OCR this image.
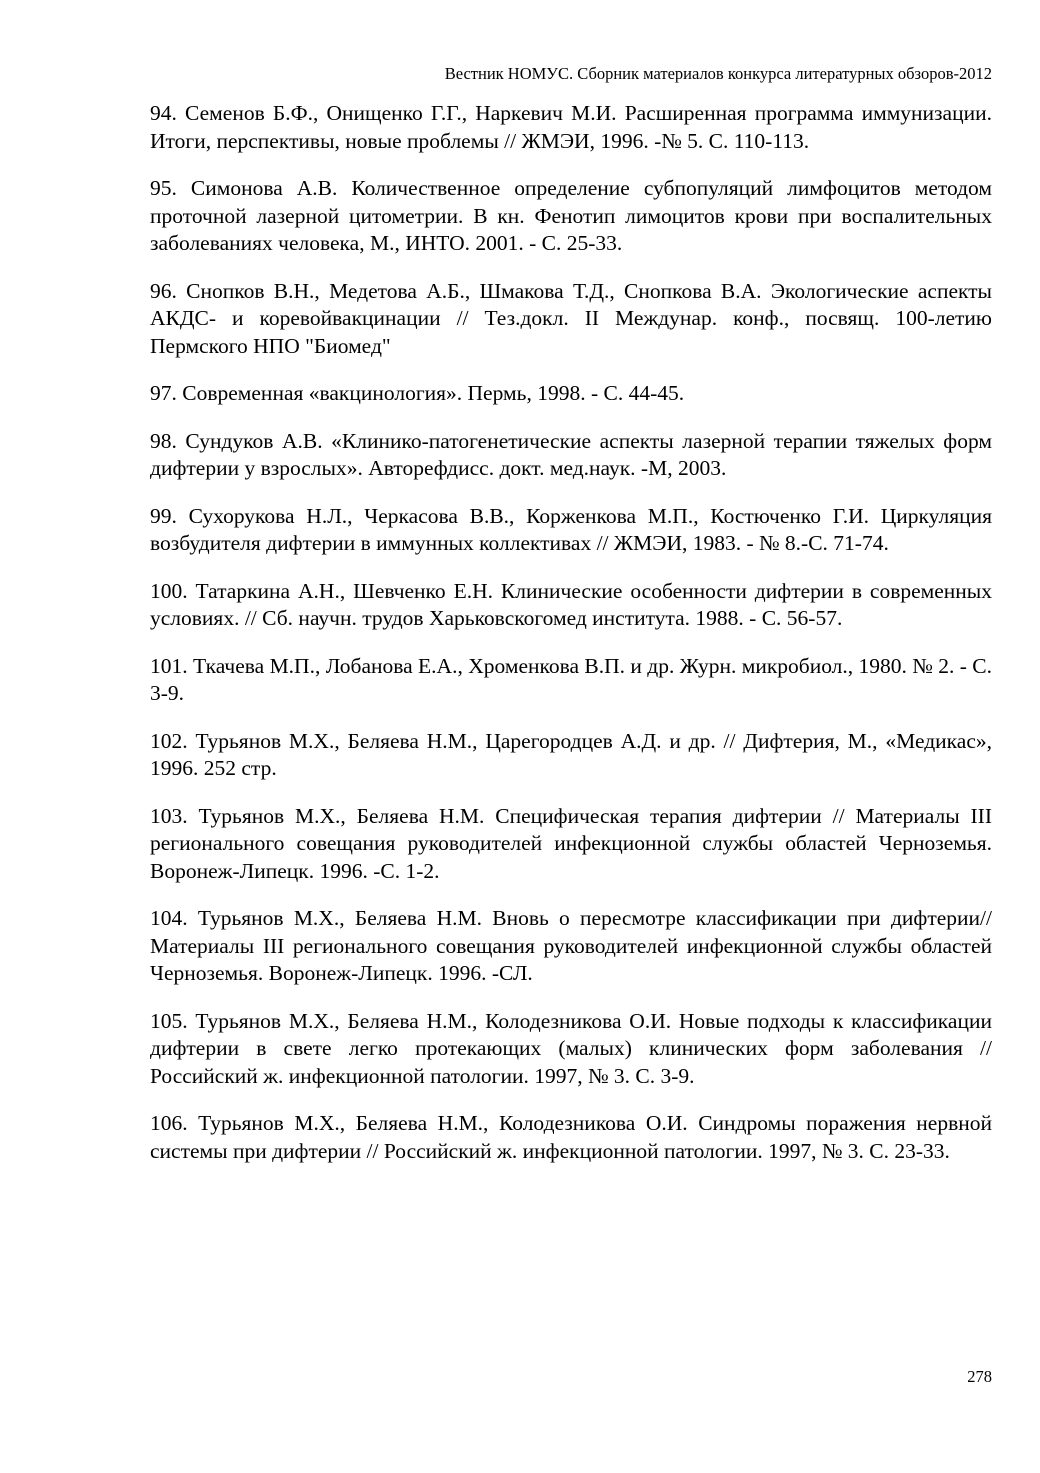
Вестник НОМУС. Сборник материалов конкурса литературных обзоров-2012
94. Семенов Б.Ф., Онищенко Г.Г., Наркевич М.И. Расширенная программа иммунизации. Итоги, перспективы, новые проблемы // ЖМЭИ, 1996. -№ 5. С. 110-113.
95. Симонова А.В. Количественное определение субпопуляций лимфоцитов методом проточной лазерной цитометрии. В кн. Фенотип лимоцитов крови при воспалительных заболеваниях человека, М., ИНТО. 2001. - С. 25-33.
96. Снопков В.Н., Медетова А.Б., Шмакова Т.Д., Снопкова В.А. Экологические аспекты АКДС- и коревойвакцинации // Тез.докл. II Междунар. конф., посвящ. 100-летию Пермского НПО "Биомед"
97. Современная «вакцинология». Пермь, 1998. - С. 44-45.
98. Сундуков А.В. «Клинико-патогенетические аспекты лазерной терапии тяжелых форм дифтерии у взрослых». Авторефдисс. докт. мед.наук. -М, 2003.
99. Сухорукова Н.Л., Черкасова В.В., Корженкова М.П., Костюченко Г.И. Циркуляция возбудителя дифтерии в иммунных коллективах // ЖМЭИ, 1983. - № 8.-С. 71-74.
100. Татаркина А.Н., Шевченко Е.Н. Клинические особенности дифтерии в современных условиях. // Сб. научн. трудов Харьковскогомед института. 1988. - С. 56-57.
101. Ткачева М.П., Лобанова Е.А., Хроменкова В.П. и др. Журн. микробиол., 1980. № 2. - С. 3-9.
102. Турьянов М.Х., Беляева Н.М., Царегородцев А.Д. и др. // Дифтерия, М., «Медикас», 1996. 252 стр.
103. Турьянов М.Х., Беляева Н.М. Специфическая терапия дифтерии // Материалы III регионального совещания руководителей инфекционной службы областей Черноземья. Воронеж-Липецк. 1996. -С. 1-2.
104. Турьянов М.Х., Беляева Н.М. Вновь о пересмотре классификации при дифтерии// Материалы III регионального совещания руководителей инфекционной службы областей Черноземья. Воронеж-Липецк. 1996. -СЛ.
105. Турьянов М.Х., Беляева Н.М., Колодезникова О.И. Новые подходы к классификации дифтерии в свете легко протекающих (малых) клинических форм заболевания // Российский ж. инфекционной патологии. 1997, № 3. С. 3-9.
106. Турьянов М.Х., Беляева Н.М., Колодезникова О.И. Синдромы поражения нервной системы при дифтерии // Российский ж. инфекционной патологии. 1997, № 3. С. 23-33.
278
